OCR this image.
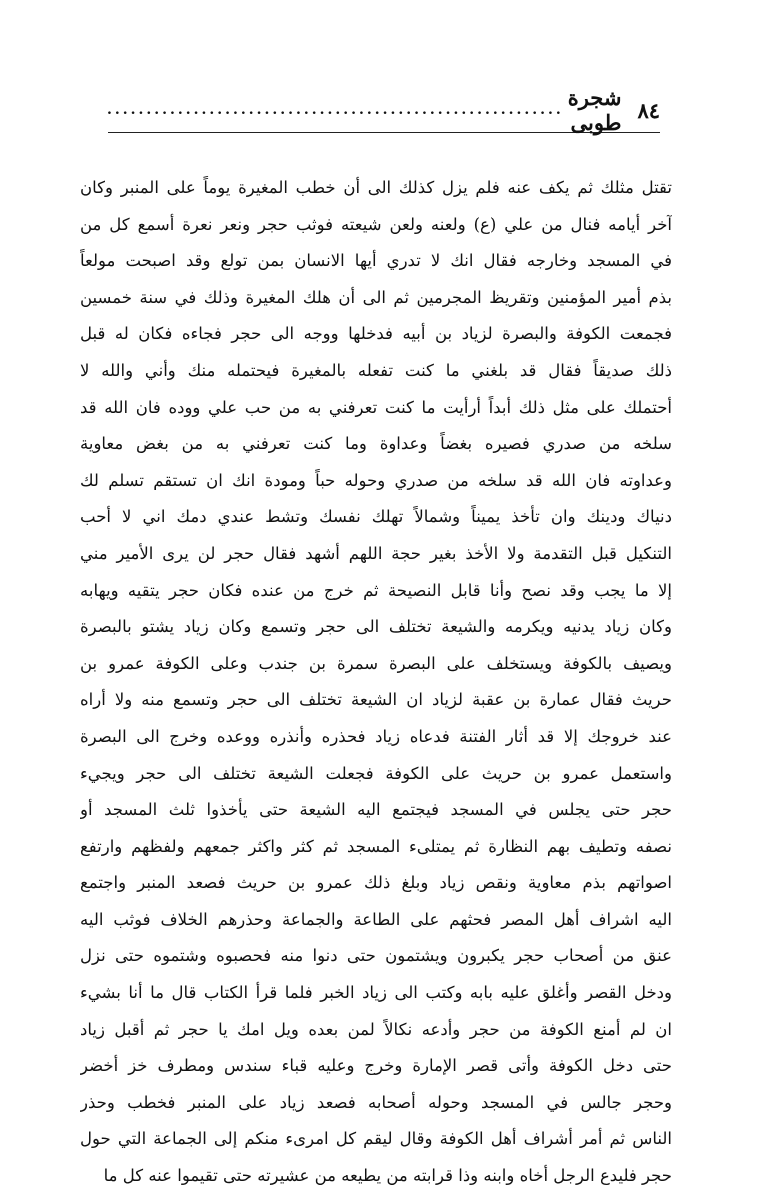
٨٤
شجرة طوبى
..........................................................
تقتل مثلك ثم يكف عنه فلم يزل كذلك الى أن خطب المغيرة يوماً على المنبر وكان
آخر أيامه فنال من علي (ع) ولعنه ولعن شيعته فوثب حجر ونعر نعرة أسمع كل من
في المسجد وخارجه فقال انك لا تدري أيها الانسان بمن تولع وقد اصبحت مولعاً
بذم أمير المؤمنين وتقريظ المجرمين ثم الى أن هلك المغيرة وذلك في سنة خمسين
فجمعت الكوفة والبصرة لزياد بن أبيه فدخلها ووجه الى حجر فجاءه فكان له قبل
ذلك صديقاً فقال قد بلغني ما كنت تفعله بالمغيرة فيحتمله منك وأني والله لا
أحتملك على مثل ذلك أبداً أرأيت ما كنت تعرفني به من حب علي ووده فان الله قد
سلخه من صدري فصيره بغضاً وعداوة وما كنت تعرفني به من بغض معاوية
وعداوته فان الله قد سلخه من صدري وحوله حباً ومودة انك ان تستقم تسلم لك
دنياك ودينك وان تأخذ يميناً وشمالاً تهلك نفسك وتشط عندي دمك اني لا أحب
التنكيل قبل التقدمة ولا الأخذ بغير حجة اللهم أشهد فقال حجر لن يرى الأمير مني
إلا ما يجب وقد نصح وأنا قابل النصيحة ثم خرج من عنده فكان حجر يتقيه ويهابه
وكان زياد يدنيه ويكرمه والشيعة تختلف الى حجر وتسمع وكان زياد يشتو بالبصرة
ويصيف بالكوفة ويستخلف على البصرة سمرة بن جندب وعلى الكوفة عمرو بن
حريث فقال عمارة بن عقبة لزياد ان الشيعة تختلف الى حجر وتسمع منه ولا أراه
عند خروجك إلا قد أثار الفتنة فدعاه زياد فحذره وأنذره ووعده وخرج الى البصرة
واستعمل عمرو بن حريث على الكوفة فجعلت الشيعة تختلف الى حجر ويجيء
حجر حتى يجلس في المسجد فيجتمع اليه الشيعة حتى يأخذوا ثلث المسجد أو
نصفه وتطيف بهم النظارة ثم يمتلىء المسجد ثم كثر واكثر جمعهم ولفظهم وارتفع
اصواتهم بذم معاوية ونقص زياد وبلغ ذلك عمرو بن حريث فصعد المنبر واجتمع
اليه اشراف أهل المصر فحثهم على الطاعة والجماعة وحذرهم الخلاف فوثب اليه
عنق من أصحاب حجر يكبرون ويشتمون حتى دنوا منه فحصبوه وشتموه حتى نزل
ودخل القصر وأغلق عليه بابه وكتب الى زياد الخبر فلما قرأ الكتاب قال ما أنا بشيء
ان لم أمنع الكوفة من حجر وأدعه نكالاً لمن بعده ويل امك يا حجر ثم أقبل زياد
حتى دخل الكوفة وأتى قصر الإمارة وخرج وعليه قباء سندس ومطرف خز أخضر
وحجر جالس في المسجد وحوله أصحابه فصعد زياد على المنبر فخطب وحذر
الناس ثم أمر أشراف أهل الكوفة وقال ليقم كل امرىء منكم إلى الجماعة التي حول
حجر فليدع الرجل أخاه وابنه وذا قرابته من يطيعه من عشيرته حتى تقيموا عنه كل ما
